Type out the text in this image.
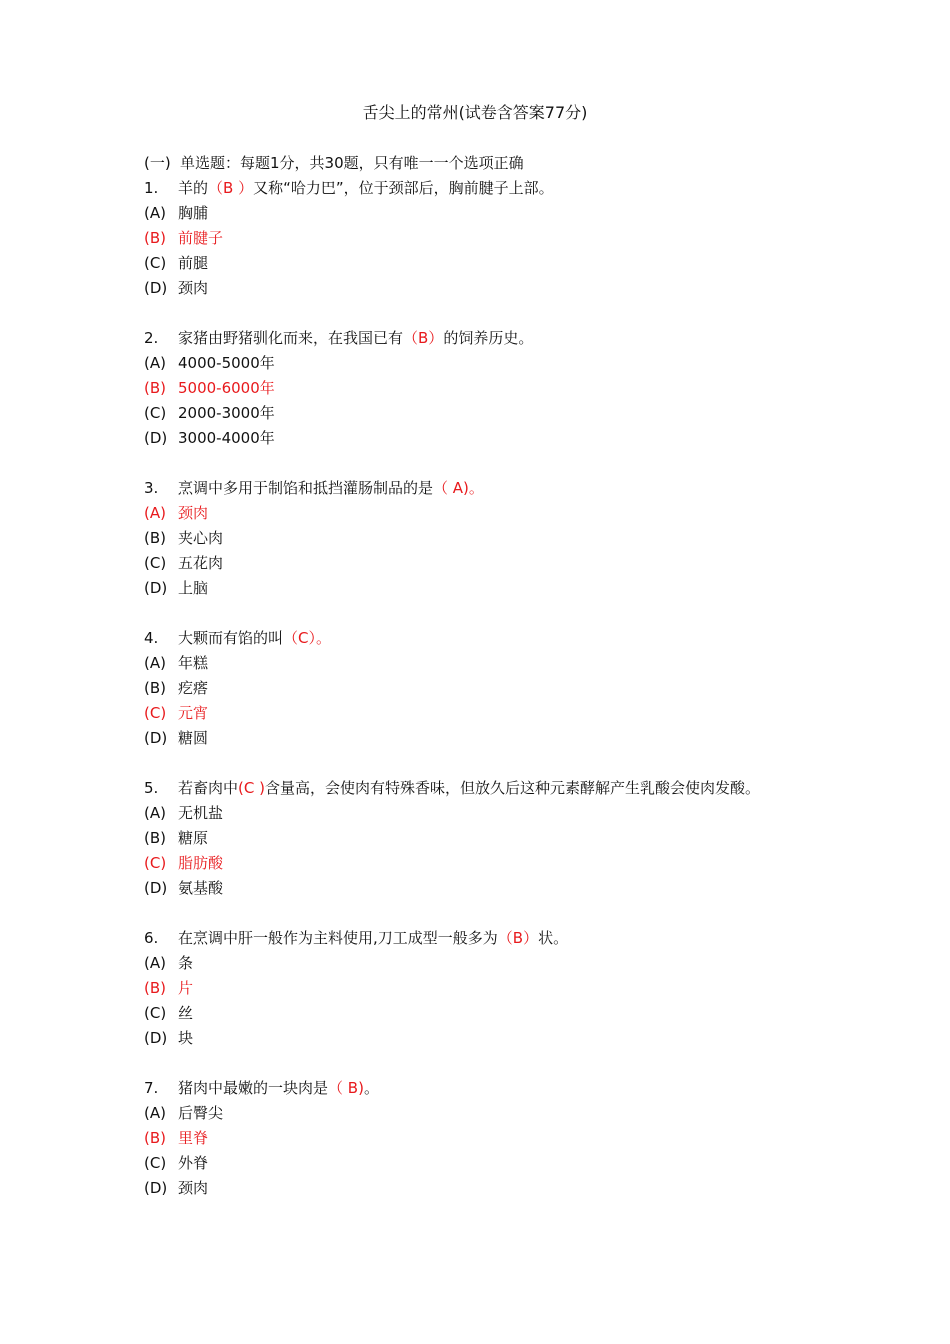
舌尖上的常州(试卷含答案77分)
(一) 单选题：每题1分，共30题，只有唯一一个选项正确
1. 羊的（B ）又称“哈力巴”，位于颈部后，胸前腱子上部。
(A) 胸脯
(B) 前腱子
(C) 前腿
(D) 颈肉
2. 家猪由野猪驯化而来，在我国已有（B）的饲养历史。
(A) 4000-5000年
(B) 5000-6000年
(C) 2000-3000年
(D) 3000-4000年
3. 烹调中多用于制馅和抵挡灌肠制品的是（ A)。
(A) 颈肉
(B) 夹心肉
(C) 五花肉
(D) 上脑
4. 大颗而有馅的叫（C）。
(A) 年糕
(B) 疙瘩
(C) 元宵
(D) 糖圆
5. 若畜肉中(C )含量高，会使肉有特殊香味，但放久后这种元素酵解产生乳酸会使肉发酸。
(A) 无机盐
(B) 糖原
(C) 脂肪酸
(D) 氨基酸
6. 在烹调中肝一般作为主料使用,刀工成型一般多为（B）状。
(A) 条
(B) 片
(C) 丝
(D) 块
7. 猪肉中最嫩的一块肉是（ B)。
(A) 后臀尖
(B) 里脊
(C) 外脊
(D) 颈肉
